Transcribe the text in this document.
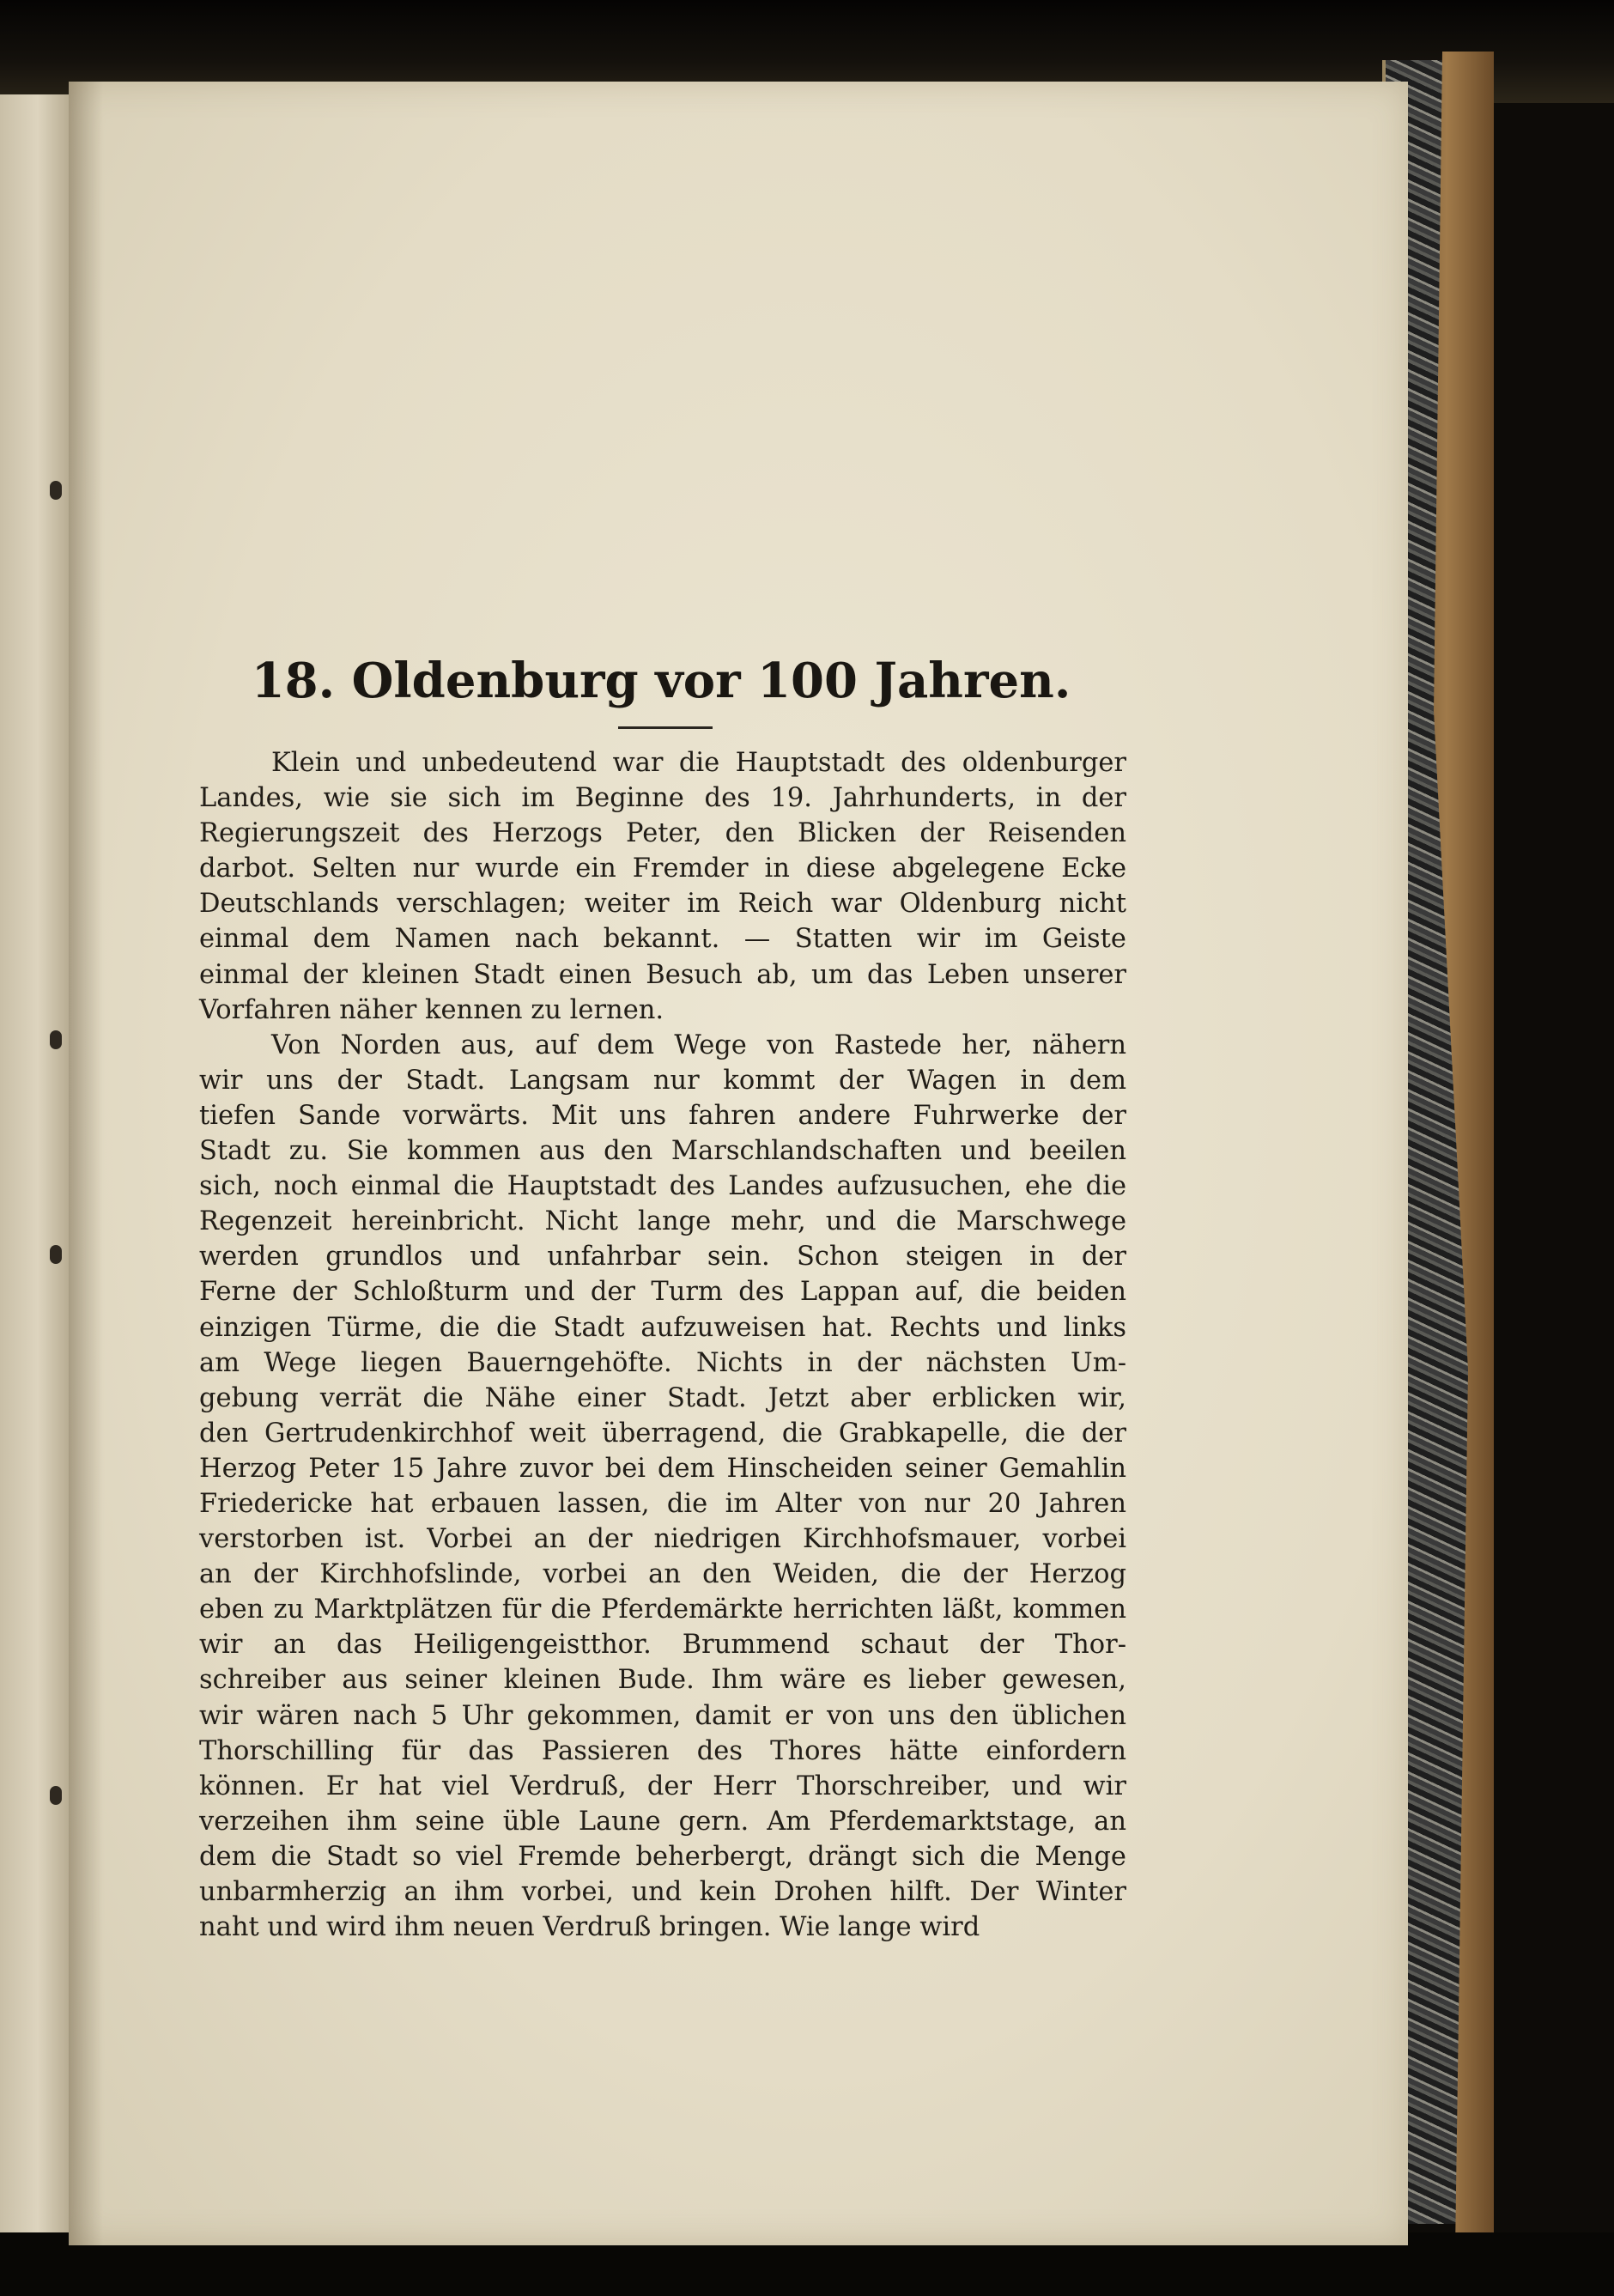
18. Oldenburg vor 100 Jahren.
Klein und unbedeutend war die Hauptstadt des oldenburger
Landes, wie sie sich im Beginne des 19. Jahrhunderts, in der
Regierungszeit des Herzogs Peter, den Blicken der Reisenden
darbot. Selten nur wurde ein Fremder in diese abgelegene Ecke
Deutschlands verschlagen; weiter im Reich war Oldenburg nicht
einmal dem Namen nach bekannt. — Statten wir im Geiste
einmal der kleinen Stadt einen Besuch ab, um das Leben unserer
Vorfahren näher kennen zu lernen.
Von Norden aus, auf dem Wege von Rastede her, nähern
wir uns der Stadt. Langsam nur kommt der Wagen in dem
tiefen Sande vorwärts. Mit uns fahren andere Fuhrwerke der
Stadt zu. Sie kommen aus den Marschlandschaften und beeilen
sich, noch einmal die Hauptstadt des Landes aufzusuchen, ehe die
Regenzeit hereinbricht. Nicht lange mehr, und die Marschwege
werden grundlos und unfahrbar sein. Schon steigen in der
Ferne der Schloßturm und der Turm des Lappan auf, die beiden
einzigen Türme, die die Stadt aufzuweisen hat. Rechts und links
am Wege liegen Bauerngehöfte. Nichts in der nächsten Um-
gebung verrät die Nähe einer Stadt. Jetzt aber erblicken wir,
den Gertrudenkirchhof weit überragend, die Grabkapelle, die der
Herzog Peter 15 Jahre zuvor bei dem Hinscheiden seiner Gemahlin
Friedericke hat erbauen lassen, die im Alter von nur 20 Jahren
verstorben ist. Vorbei an der niedrigen Kirchhofsmauer, vorbei
an der Kirchhofslinde, vorbei an den Weiden, die der Herzog
eben zu Marktplätzen für die Pferdemärkte herrichten läßt, kommen
wir an das Heiligengeistthor. Brummend schaut der Thor-
schreiber aus seiner kleinen Bude. Ihm wäre es lieber gewesen,
wir wären nach 5 Uhr gekommen, damit er von uns den üblichen
Thorschilling für das Passieren des Thores hätte einfordern
können. Er hat viel Verdruß, der Herr Thorschreiber, und wir
verzeihen ihm seine üble Laune gern. Am Pferdemarktstage, an
dem die Stadt so viel Fremde beherbergt, drängt sich die Menge
unbarmherzig an ihm vorbei, und kein Drohen hilft. Der Winter
naht und wird ihm neuen Verdruß bringen. Wie lange wird
